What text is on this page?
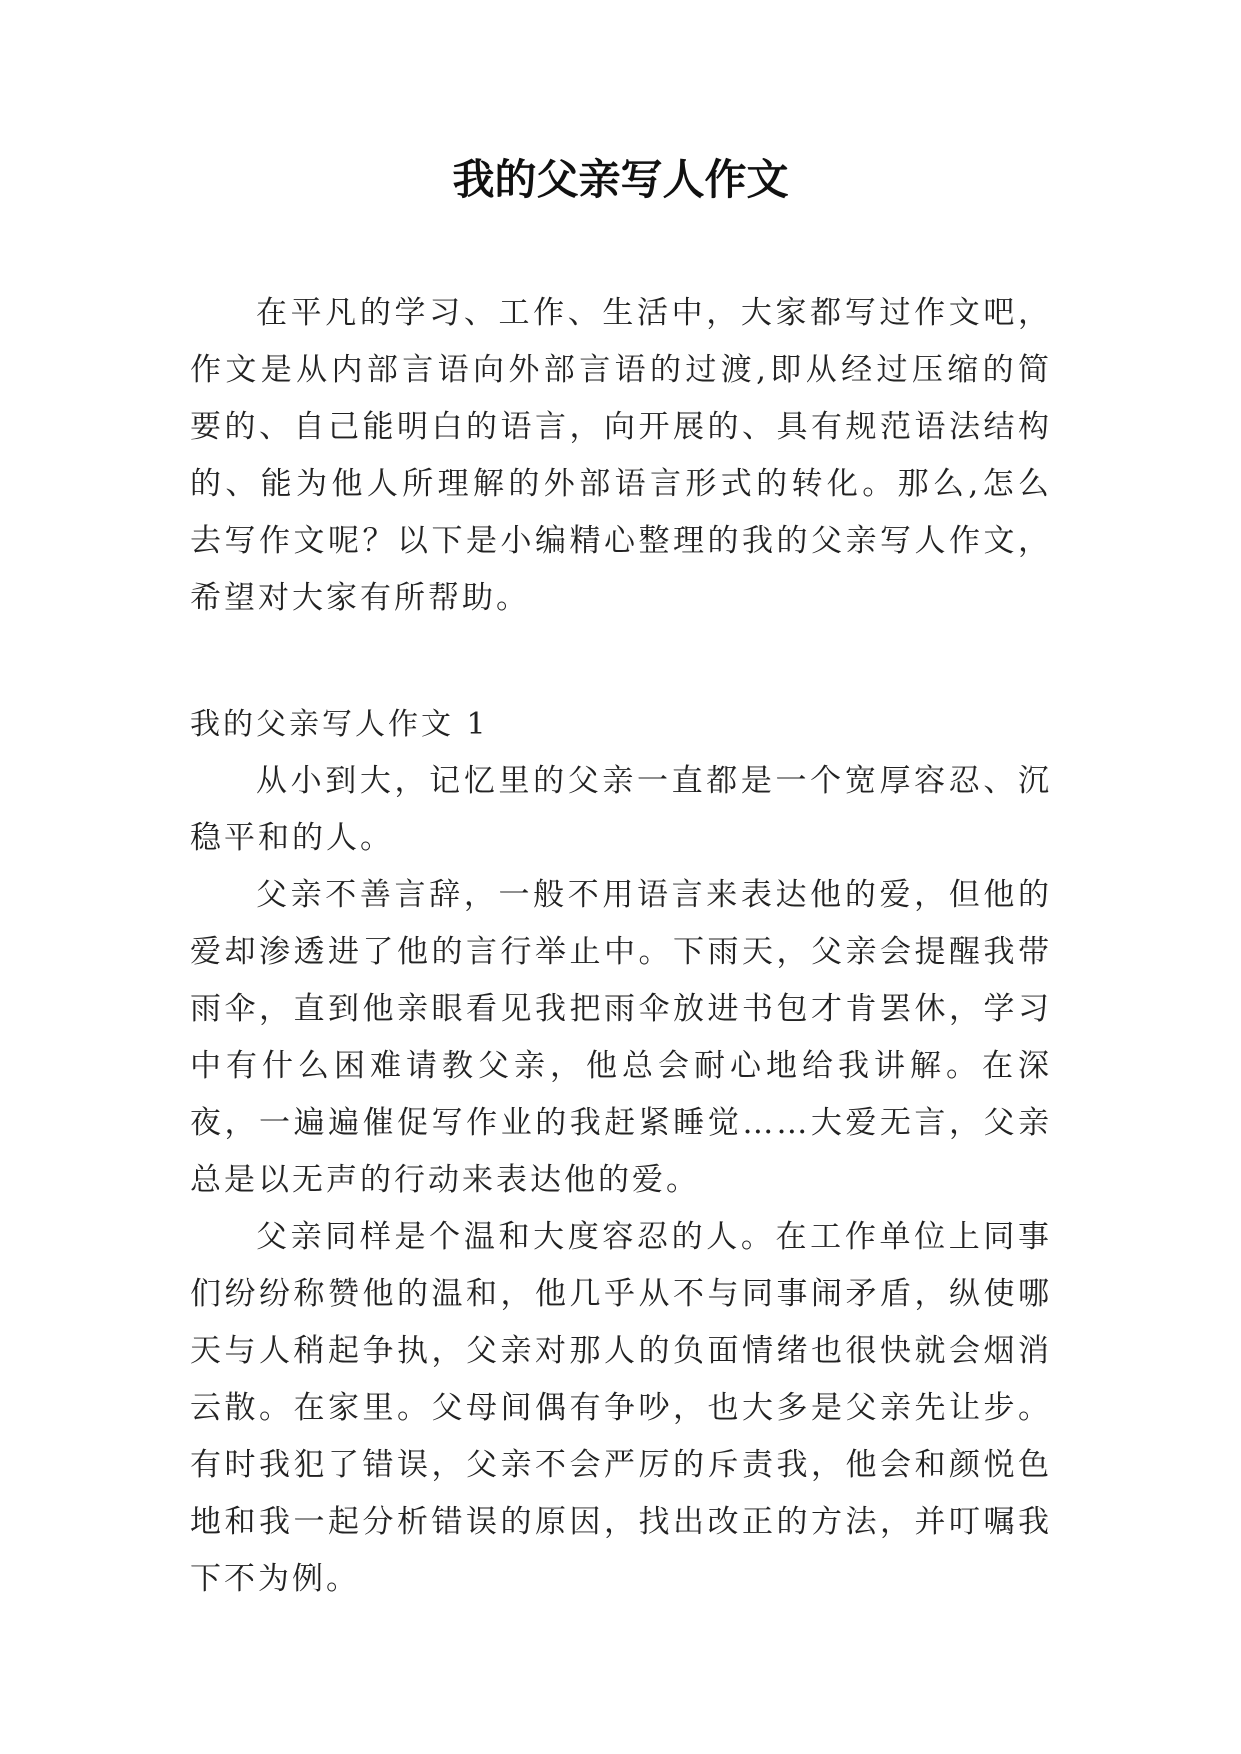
我的父亲写人作文

在平凡的学习、工作、生活中，大家都写过作文吧，作文是从内部言语向外部言语的过渡,即从经过压缩的简要的、自己能明白的语言，向开展的、具有规范语法结构的、能为他人所理解的外部语言形式的转化。那么,怎么去写作文呢？以下是小编精心整理的我的父亲写人作文，希望对大家有所帮助。

我的父亲写人作文 1

从小到大，记忆里的父亲一直都是一个宽厚容忍、沉稳平和的人。

父亲不善言辞，一般不用语言来表达他的爱，但他的爱却渗透进了他的言行举止中。下雨天，父亲会提醒我带雨伞，直到他亲眼看见我把雨伞放进书包才肯罢休，学习中有什么困难请教父亲，他总会耐心地给我讲解。在深夜，一遍遍催促写作业的我赶紧睡觉……大爱无言，父亲总是以无声的行动来表达他的爱。

父亲同样是个温和大度容忍的人。在工作单位上同事们纷纷称赞他的温和，他几乎从不与同事闹矛盾，纵使哪天与人稍起争执，父亲对那人的负面情绪也很快就会烟消云散。在家里。父母间偶有争吵，也大多是父亲先让步。有时我犯了错误，父亲不会严厉的斥责我，他会和颜悦色地和我一起分析错误的原因，找出改正的方法，并叮嘱我下不为例。
